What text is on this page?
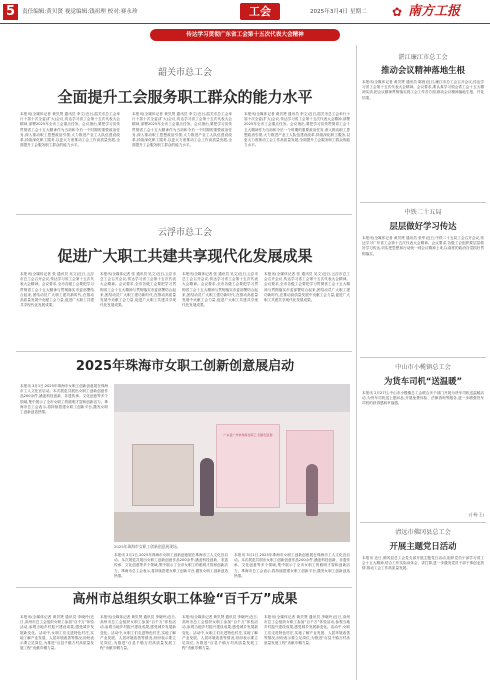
5	责任编辑:黄贝贤 视觉编辑:钱祖理 校对:赛永珍	工会	2025年3月4日 星期二 ✿ 南方工报
传达学习贯彻广东省工会第十五次代表大会精神
韶关市总工会
全面提升工会服务职工群众的能力水平
本报讯(全媒体记者 黄贝贤 通讯员 李文)近日,韶关市总工会举行十届十次全委(扩大)会议,传达学习省工会第十五次代表大会精神,部署2025年全市工会重点任务。会议指出,要把学习宣传贯彻省工会十五大精神作为当前和今后一个时期的重要政治任务,深入推动职工思想政治引领,大力推进产业工人队伍建设改革,持续深化职工服务,以更大力度推动工会工作高质量发展,全面提升工会服务职工群众的能力水平。
本报讯(全媒体记者 黄贝贤 通讯员 李文)近日,韶关市总工会举行十届十次全委(扩大)会议,传达学习省工会第十五次代表大会精神,部署2025年全市工会重点任务。会议指出,要把学习宣传贯彻省工会十五大精神作为当前和今后一个时期的重要政治任务,深入推动职工思想政治引领,大力推进产业工人队伍建设改革,持续深化职工服务,以更大力度推动工会工作高质量发展,全面提升工会服务职工群众的能力水平。
本报讯(全媒体记者 黄贝贤 通讯员 李文)近日,韶关市总工会举行十届十次全委(扩大)会议,传达学习省工会第十五次代表大会精神,部署2025年全市工会重点任务。会议指出,要把学习宣传贯彻省工会十五大精神作为当前和今后一个时期的重要政治任务,深入推动职工思想政治引领,大力推进产业工人队伍建设改革,持续深化职工服务,以更大力度推动工会工作高质量发展,全面提升工会服务职工群众的能力水平。
云浮市总工会
促进广大职工共建共享现代化发展成果
本报讯(全媒体记者 张 通讯员 吴文)近日,云浮市总工会召开会议,传达学习省工会第十五次代表大会精神。会议要求,全市各级工会要把学习贯彻省工会十五大精神与贯彻落实市委部署结合起来,团结动员广大职工建功新时代,在推动高质量发展中贡献工会力量,促进广大职工共建共享现代化发展成果。
本报讯(全媒体记者 张 通讯员 吴文)近日,云浮市总工会召开会议,传达学习省工会第十五次代表大会精神。会议要求,全市各级工会要把学习贯彻省工会十五大精神与贯彻落实市委部署结合起来,团结动员广大职工建功新时代,在推动高质量发展中贡献工会力量,促进广大职工共建共享现代化发展成果。
本报讯(全媒体记者 张 通讯员 吴文)近日,云浮市总工会召开会议,传达学习省工会第十五次代表大会精神。会议要求,全市各级工会要把学习贯彻省工会十五大精神与贯彻落实市委部署结合起来,团结动员广大职工建功新时代,在推动高质量发展中贡献工会力量,促进广大职工共建共享现代化发展成果。
本报讯(全媒体记者 张 通讯员 吴文)近日,云浮市总工会召开会议,传达学习省工会第十五次代表大会精神。会议要求,全市各级工会要把学习贯彻省工会十五大精神与贯彻落实市委部署结合起来,团结动员广大职工建功新时代,在推动高质量发展中贡献工会力量,促进广大职工共建共享现代化发展成果。
2025年珠海市女职工创新创意展启动
本报讯 3月1日,2025年珠海市女职工创新创意展在珠海市工人文化宫启动。本次展览共展出女职工创新创意作品200余件,涵盖科技创新、非遗传承、文化创意等多个领域,集中展示了全市女职工的聪明才智和创新活力。珠海市总工会表示,将持续搭建女职工创新平台,激发女职工创新创造热情。
广东省广州市珠海女职工 创新创意展
2025年珠海市女职工创新创意展现场。
本报讯 3月1日,2025年珠海市女职工创新创意展在珠海市工人文化宫启动。本次展览共展出女职工创新创意作品200余件,涵盖科技创新、非遗传承、文化创意等多个领域,集中展示了全市女职工的聪明才智和创新活力。珠海市总工会表示,将持续搭建女职工创新平台,激发女职工创新创造热情。
本报讯 3月1日,2025年珠海市女职工创新创意展在珠海市工人文化宫启动。本次展览共展出女职工创新创意作品200余件,涵盖科技创新、非遗传承、文化创意等多个领域,集中展示了全市女职工的聪明才智和创新活力。珠海市总工会表示,将持续搭建女职工创新平台,激发女职工创新创造热情。
高州市总组织女职工体验“百千万”成果
本报讯(全媒体记者 黄贝贤 通讯员 李晓玲)近日,高州市总工会组织女职工参加“百千万”体验活动,参观当地乡村振兴建设成果,感受城乡发展新变化。活动中,女职工们走进特色村庄,实地了解产业发展、人居环境改善等情况,纷纷表示要立足岗位,为推进“百县千镇万村高质量发展工程”贡献巾帼力量。
本报讯(全媒体记者 黄贝贤 通讯员 李晓玲)近日,高州市总工会组织女职工参加“百千万”体验活动,参观当地乡村振兴建设成果,感受城乡发展新变化。活动中,女职工们走进特色村庄,实地了解产业发展、人居环境改善等情况,纷纷表示要立足岗位,为推进“百县千镇万村高质量发展工程”贡献巾帼力量。
本报讯(全媒体记者 黄贝贤 通讯员 李晓玲)近日,高州市总工会组织女职工参加“百千万”体验活动,参观当地乡村振兴建设成果,感受城乡发展新变化。活动中,女职工们走进特色村庄,实地了解产业发展、人居环境改善等情况,纷纷表示要立足岗位,为推进“百县千镇万村高质量发展工程”贡献巾帼力量。
本报讯(全媒体记者 黄贝贤 通讯员 李晓玲)近日,高州市总工会组织女职工参加“百千万”体验活动,参观当地乡村振兴建设成果,感受城乡发展新变化。活动中,女职工们走进特色村庄,实地了解产业发展、人居环境改善等情况,纷纷表示要立足岗位,为推进“百县千镇万村高质量发展工程”贡献巾帼力量。
湛江廉江市总工会
推动会议精神落地生根
本报讯(全媒体记者 黄贝贤 通讯员 陈茵)近日,廉江市总工会召开会议,传达学习省工会第十五次代表大会精神。会议要求,要认真学习领会省工会十五大精神实质,把会议精神贯彻落实到工会工作各方面,推动会议精神落地生根、开花结果。
中铁二十五局
层层做好学习传达
本报讯(全媒体记者 黄贝贤 通讯员 张军)近日,中铁二十五局工会召开会议,传达学习广东省工会第十五次代表大会精神。会议要求,各级工会组织要层层做好学习传达,切实把思想和行动统一到会议精神上来,以高度的政治自觉抓好贯彻落实。
中山市小榄镇总工会
为货车司机“送温暖”
本报讯 2月27日,中山市小榄镇总工会联合多个部门开展为货车司机送温暖活动,为货车司机送上慰问品,开展免费体检、法律咨询等服务,进一步增强货车司机的获得感和幸福感。
(小杨 王)
清远市佛冈县总工会
开展主题党日活动
本报讯 近日,佛冈县总工会党支部开展主题党日活动,组织党员干部学习省工会十五大精神,结合工作实际谈体会、讲打算,进一步激发党员干部干事创业热情,推动工会工作高质量发展。
